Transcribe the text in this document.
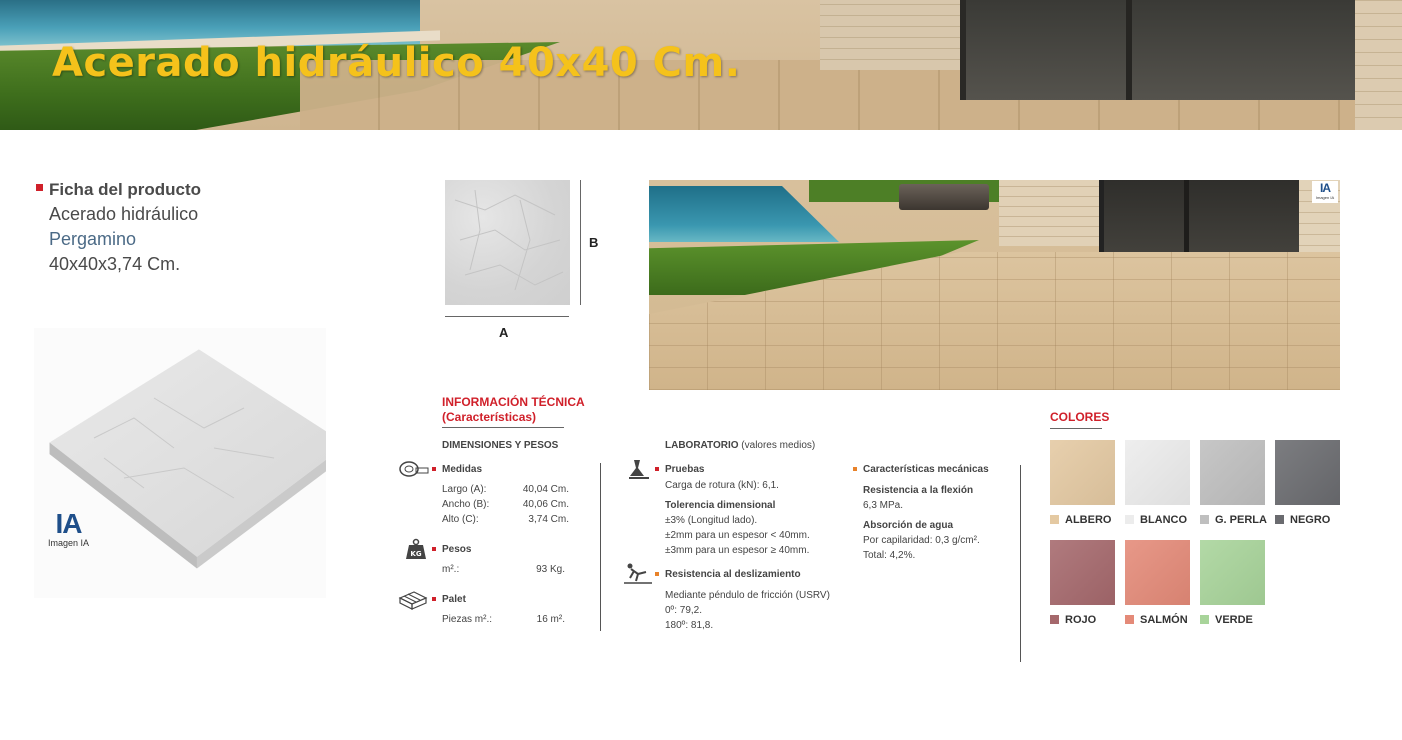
Acerado hidráulico 40x40 Cm.
Ficha del producto
Acerado hidráulico
Pergamino
40x40x3,74 Cm.
IA
Imagen IA
B
A
IA
Imagen IA
INFORMACIÓN TÉCNICA
(Características)
DIMENSIONES Y PESOS
Medidas
Largo (A):	40,04 Cm.
Ancho (B):	40,06 Cm.
Alto (C):	3,74 Cm.
KG	Pesos
m².:	93 Kg.
Palet
Piezas m².:	16 m².
LABORATORIO (valores medios)
Pruebas
Carga de rotura (kN): 6,1.
Tolerencia dimensional
±3% (Longitud lado).
±2mm para un espesor < 40mm.
±3mm para un espesor ≥ 40mm.
Resistencia al deslizamiento
Mediante péndulo de fricción (USRV)
0º: 79,2.
180º: 81,8.
Características mecánicas
Resistencia a la flexión
6,3 MPa.
Absorción de agua
Por capilaridad: 0,3 g/cm².
Total: 4,2%.
COLORES
ALBERO	BLANCO	G. PERLA	NEGRO
ROJO	SALMÓN	VERDE
